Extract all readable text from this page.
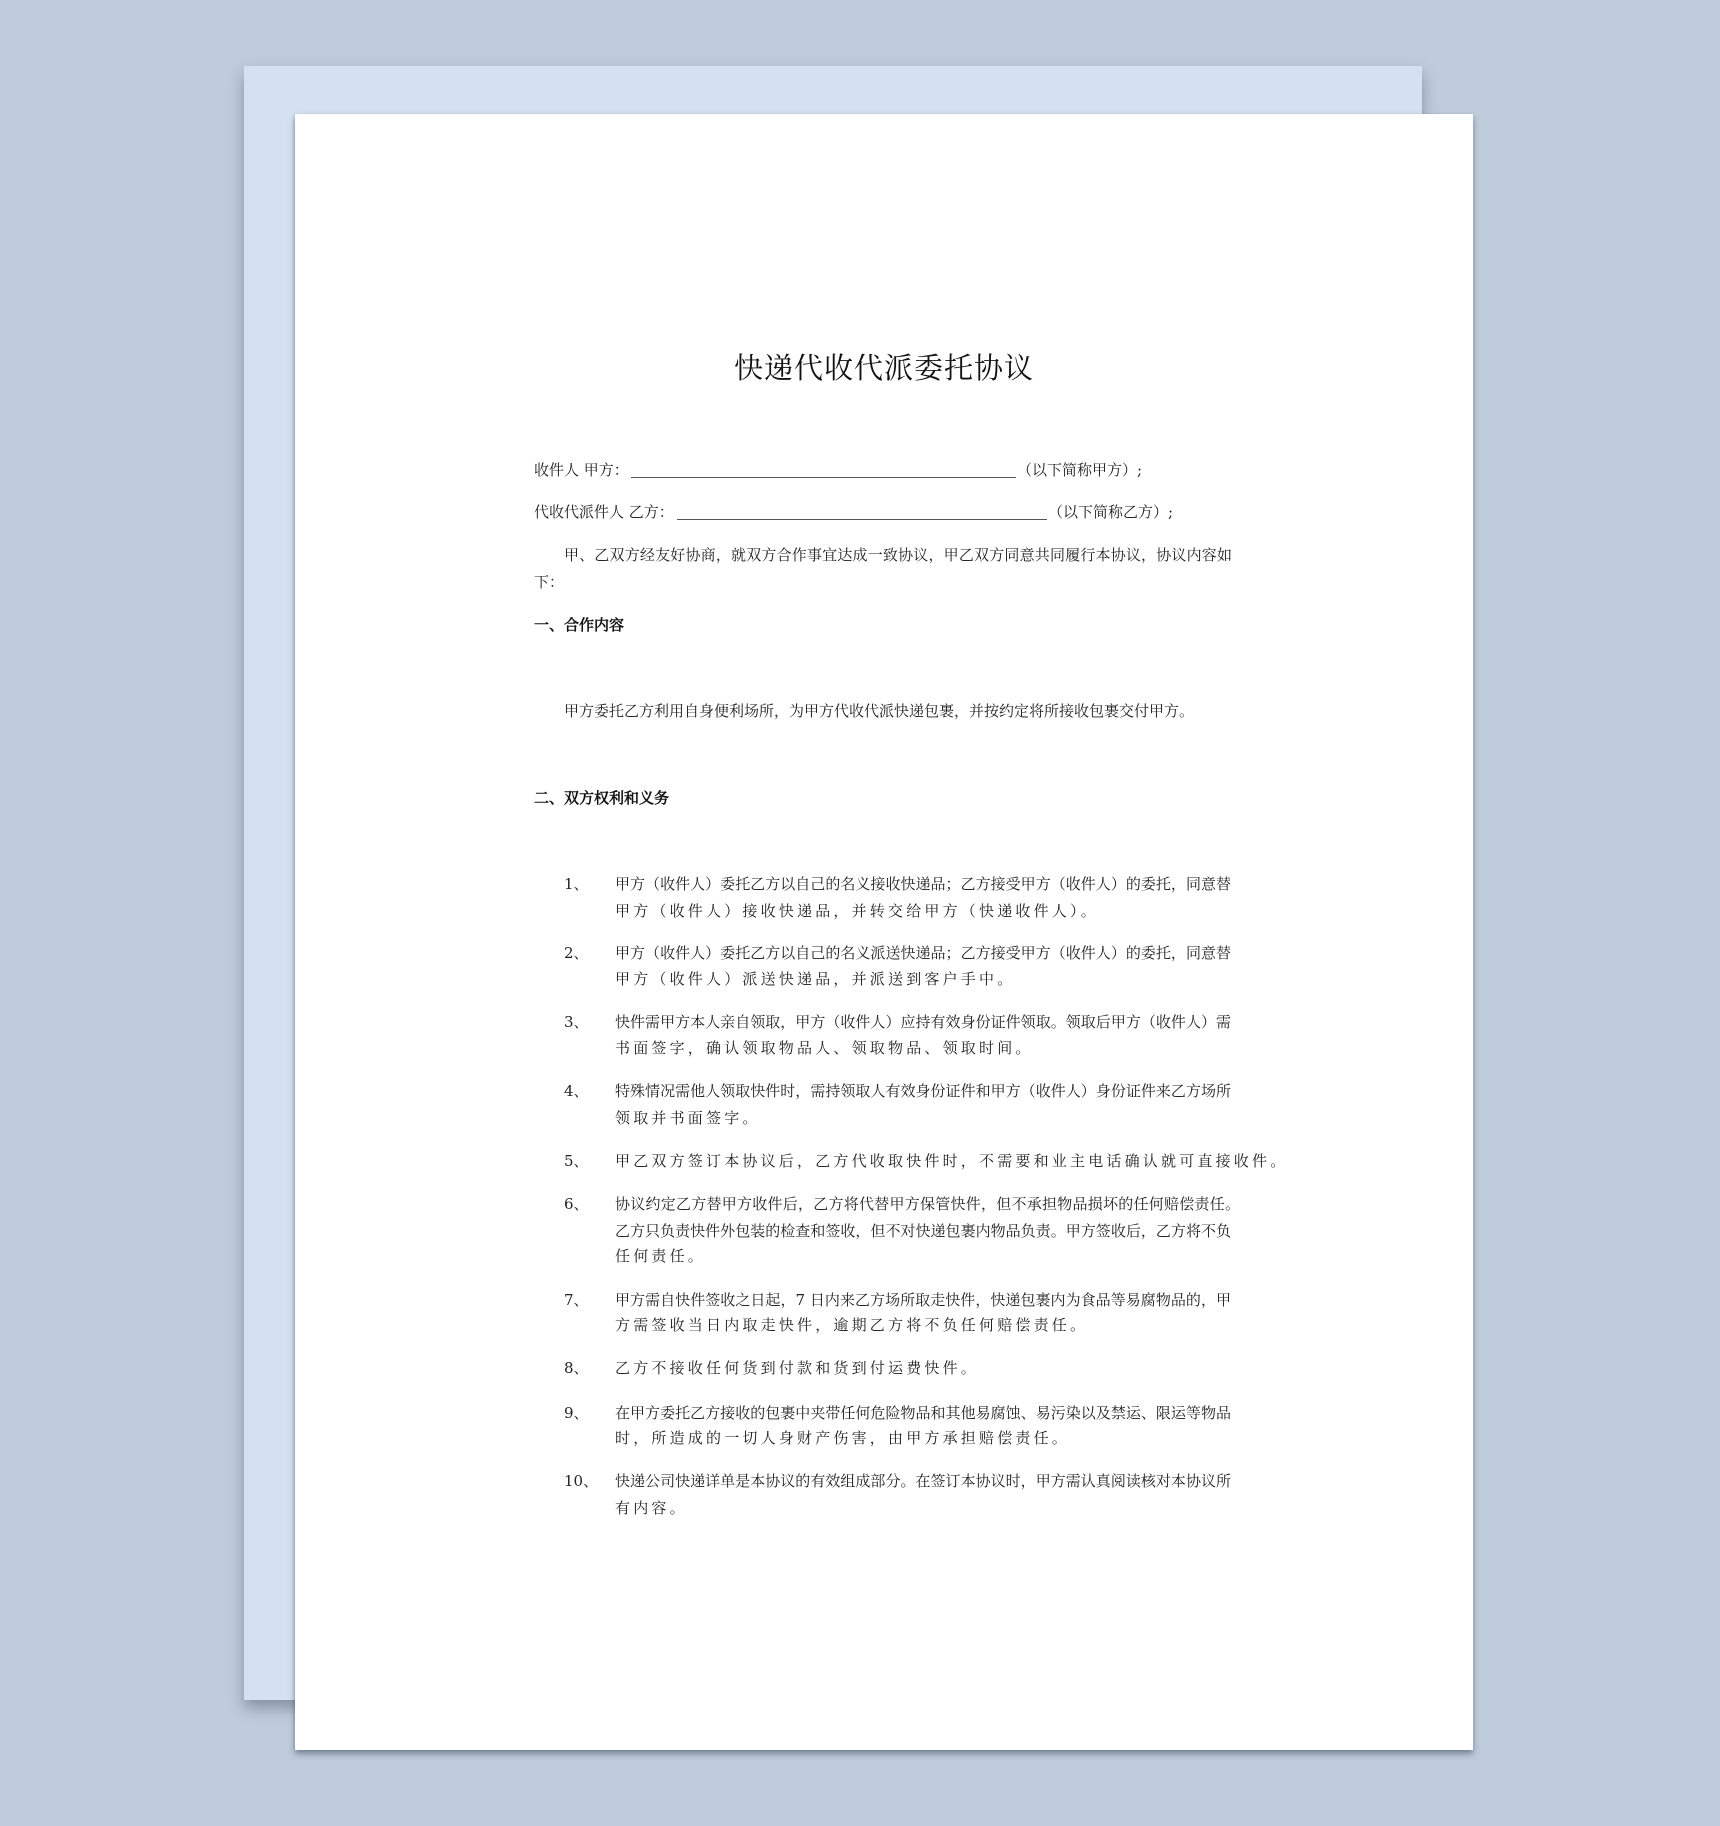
快递代收代派委托协议
收件人 甲方：	（以下简称甲方）;
代收代派件人 乙方：	（以下简称乙方）;
甲、乙双方经友好协商，就双方合作事宜达成一致协议，甲乙双方同意共同履行本协议，协议内容如
下：
一、合作内容
甲方委托乙方利用自身便利场所，为甲方代收代派快递包裹，并按约定将所接收包裹交付甲方。
二、双方权利和义务
1、 甲方（收件人）委托乙方以自己的名义接收快递品；乙方接受甲方（收件人）的委托，同意替
甲方（收件人）接收快递品，并转交给甲方（快递收件人）。
2、 甲方（收件人）委托乙方以自己的名义派送快递品；乙方接受甲方（收件人）的委托，同意替
甲方（收件人）派送快递品，并派送到客户手中。
3、 快件需甲方本人亲自领取，甲方（收件人）应持有效身份证件领取。领取后甲方（收件人）需
书面签字，确认领取物品人、领取物品、领取时间。
4、 特殊情况需他人领取快件时，需持领取人有效身份证件和甲方（收件人）身份证件来乙方场所
领取并书面签字。
5、 甲乙双方签订本协议后，乙方代收取快件时，不需要和业主电话确认就可直接收件。
6、 协议约定乙方替甲方收件后，乙方将代替甲方保管快件，但不承担物品损坏的任何赔偿责任。
乙方只负责快件外包装的检查和签收，但不对快递包裹内物品负责。甲方签收后，乙方将不负
任何责任。
7、 甲方需自快件签收之日起，7 日内来乙方场所取走快件，快递包裹内为食品等易腐物品的，甲
方需签收当日内取走快件，逾期乙方将不负任何赔偿责任。
8、 乙方不接收任何货到付款和货到付运费快件。
9、 在甲方委托乙方接收的包裹中夹带任何危险物品和其他易腐蚀、易污染以及禁运、限运等物品
时，所造成的一切人身财产伤害，由甲方承担赔偿责任。
10、 快递公司快递详单是本协议的有效组成部分。在签订本协议时，甲方需认真阅读核对本协议所
有内容。
